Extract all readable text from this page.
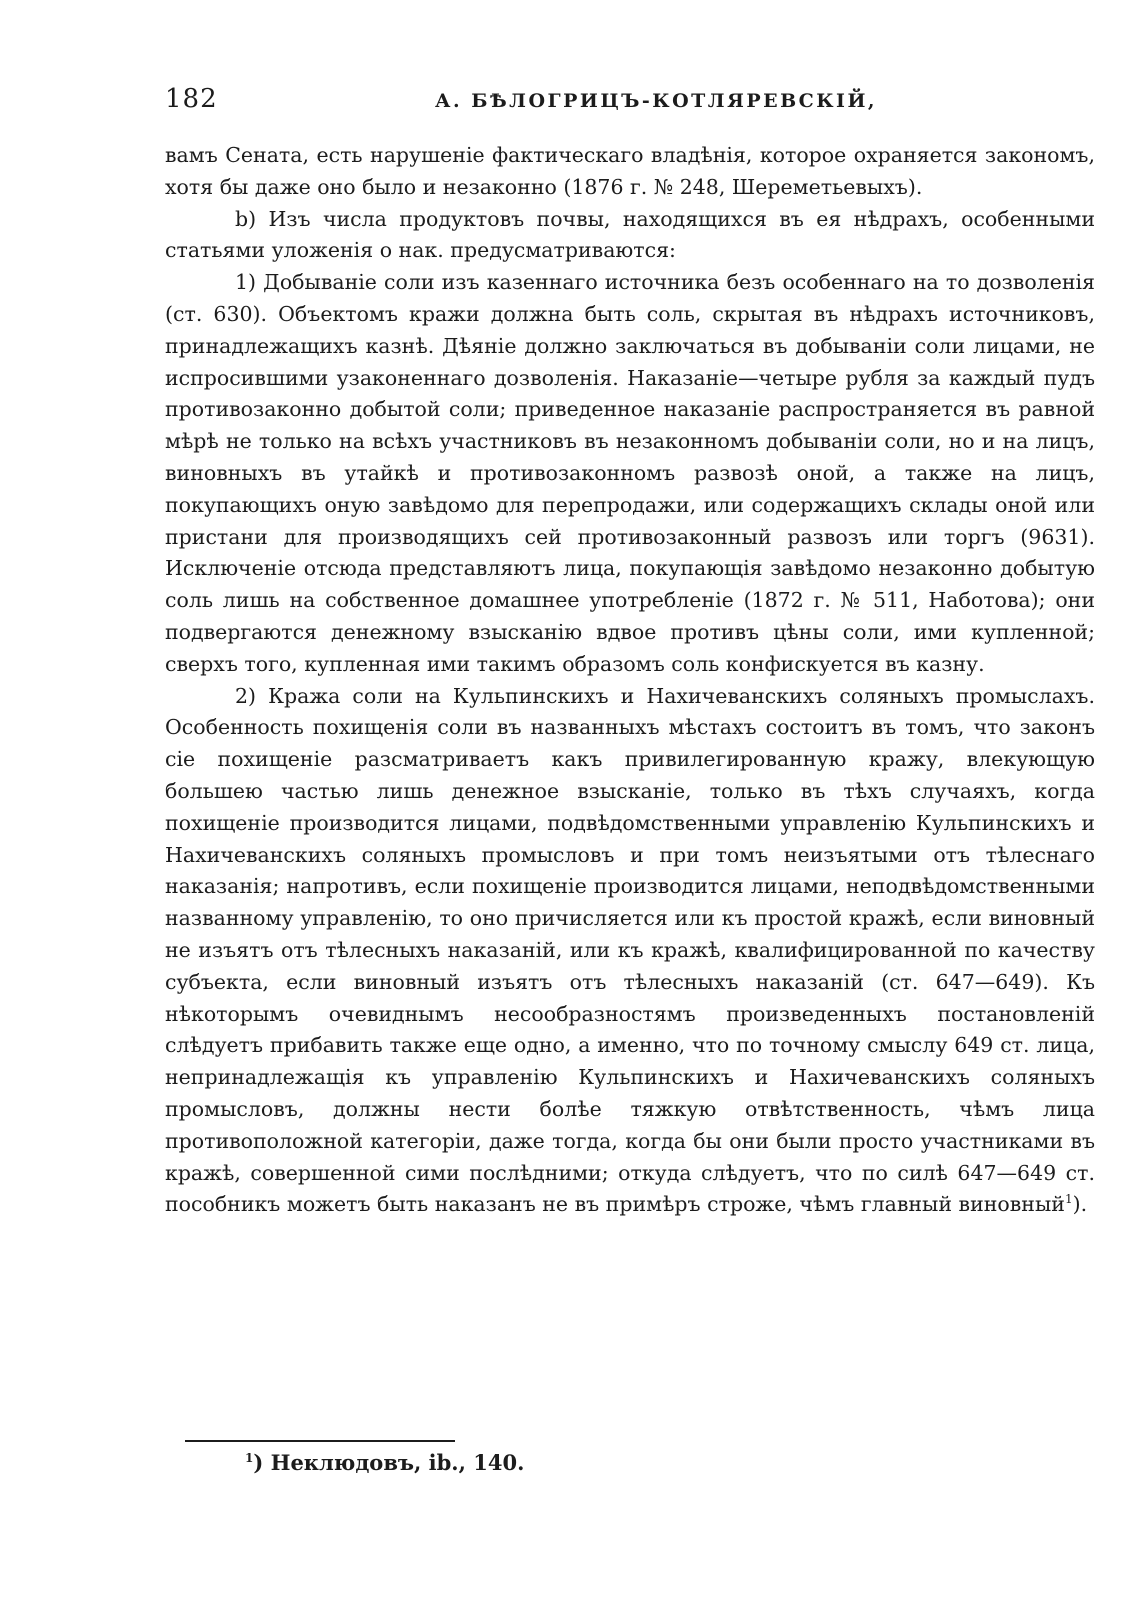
182	А. БѢЛОГРИЦЪ-КОТЛЯРЕВСКІЙ,

вамъ Сената, есть нарушеніе фактическаго владѣнія, которое охраняется закономъ, хотя бы даже оно было и незаконно (1876 г. № 248, Шереметьевыхъ).

b) Изъ числа продуктовъ почвы, находящихся въ ея нѣдрахъ, особенными статьями уложенія о нак. предусматриваются:

1) Добываніе соли изъ казеннаго источника безъ особеннаго на то дозволенія (ст. 630). Объектомъ кражи должна быть соль, скрытая въ нѣдрахъ источниковъ, принадлежащихъ казнѣ. Дѣяніе должно заключаться въ добываніи соли лицами, не испросившими узаконеннаго дозволенія. Наказаніе—четыре рубля за каждый пудъ противозаконно добытой соли; приведенное наказаніе распространяется въ равной мѣрѣ не только на всѣхъ участниковъ въ незаконномъ добываніи соли, но и на лицъ, виновныхъ въ утайкѣ и противозаконномъ развозѣ оной, а также на лицъ, покупающихъ оную завѣдомо для перепродажи, или содержащихъ склады оной или пристани для производящихъ сей противозаконный развозъ или торгъ (9631). Исключеніе отсюда представляютъ лица, покупающія завѣдомо незаконно добытую соль лишь на собственное домашнее употребленіе (1872 г. № 511, Наботова); они подвергаются денежному взысканію вдвое противъ цѣны соли, ими купленной; сверхъ того, купленная ими такимъ образомъ соль конфискуется въ казну.

2) Кража соли на Кульпинскихъ и Нахичеванскихъ соляныхъ промыслахъ. Особенность похищенія соли въ названныхъ мѣстахъ состоитъ въ томъ, что законъ сіе похищеніе разсматриваетъ какъ привилегированную кражу, влекующую большею частью лишь денежное взысканіе, только въ тѣхъ случаяхъ, когда похищеніе производится лицами, подвѣдомственными управленію Кульпинскихъ и Нахичеванскихъ соляныхъ промысловъ и при томъ неизъятыми отъ тѣлеснаго наказанія; напротивъ, если похищеніе производится лицами, неподвѣдомственными названному управленію, то оно причисляется или къ простой кражѣ, если виновный не изъятъ отъ тѣлесныхъ наказаній, или къ кражѣ, квалифицированной по качеству субъекта, если виновный изъятъ отъ тѣлесныхъ наказаній (ст. 647—649). Къ нѣкоторымъ очевиднымъ несообразностямъ произведенныхъ постановленій слѣдуетъ прибавить также еще одно, а именно, что по точному смыслу 649 ст. лица, непринадлежащія къ управленію Кульпинскихъ и Нахичеванскихъ соляныхъ промысловъ, должны нести болѣе тяжкую отвѣтственность, чѣмъ лица противоположной категоріи, даже тогда, когда бы они были просто участниками въ кражѣ, совершенной сими послѣдними; откуда слѣдуетъ, что по силѣ 647—649 ст. пособникъ можетъ быть наказанъ не въ примѣръ строже, чѣмъ главный виновный$^1$).

$^1$) Неклюдовъ, ib., 140.
